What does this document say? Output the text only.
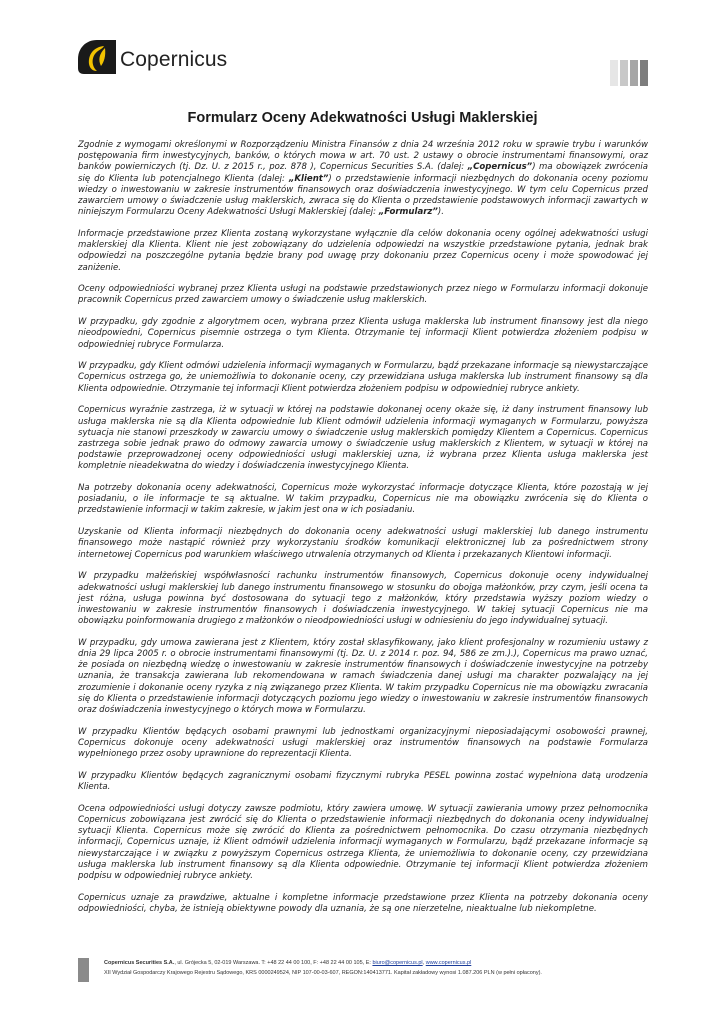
Copernicus
Formularz Oceny Adekwatności Usługi Maklerskiej

Zgodnie z wymogami określonymi w Rozporządzeniu Ministra Finansów z dnia 24 września 2012 roku w sprawie trybu i warunków postępowania firm inwestycyjnych, banków, o których mowa w art. 70 ust. 2 ustawy o obrocie instrumentami finansowymi, oraz banków powierniczych (tj. Dz. U. z 2015 r., poz. 878 ), Copernicus Securities S.A. (dalej: „Copernicus”) ma obowiązek zwrócenia się do Klienta lub potencjalnego Klienta (dalej: „Klient”) o przedstawienie informacji niezbędnych do dokonania oceny poziomu wiedzy o inwestowaniu w zakresie instrumentów finansowych oraz doświadczenia inwestycyjnego. W tym celu Copernicus przed zawarciem umowy o świadczenie usług maklerskich, zwraca się do Klienta o przedstawienie podstawowych informacji zawartych w niniejszym Formularzu Oceny Adekwatności Usługi Maklerskiej (dalej: „Formularz”).

Informacje przedstawione przez Klienta zostaną wykorzystane wyłącznie dla celów dokonania oceny ogólnej adekwatności usługi maklerskiej dla Klienta. Klient nie jest zobowiązany do udzielenia odpowiedzi na wszystkie przedstawione pytania, jednak brak odpowiedzi na poszczególne pytania będzie brany pod uwagę przy dokonaniu przez Copernicus oceny i może spowodować jej zaniżenie.

Oceny odpowiedniości wybranej przez Klienta usługi na podstawie przedstawionych przez niego w Formularzu informacji dokonuje pracownik Copernicus przed zawarciem umowy o świadczenie usług maklerskich.

W przypadku, gdy zgodnie z algorytmem ocen, wybrana przez Klienta usługa maklerska lub instrument finansowy jest dla niego nieodpowiedni, Copernicus pisemnie ostrzega o tym Klienta. Otrzymanie tej informacji Klient potwierdza złożeniem podpisu w odpowiedniej rubryce Formularza.

W przypadku, gdy Klient odmówi udzielenia informacji wymaganych w Formularzu, bądź przekazane informacje są niewystarczające Copernicus ostrzega go, że uniemożliwia to dokonanie oceny, czy przewidziana usługa maklerska lub instrument finansowy są dla Klienta odpowiednie. Otrzymanie tej informacji Klient potwierdza złożeniem podpisu w odpowiedniej rubryce ankiety.

Copernicus wyraźnie zastrzega, iż w sytuacji w której na podstawie dokonanej oceny okaże się, iż dany instrument finansowy lub usługa maklerska nie są dla Klienta odpowiednie lub Klient odmówił udzielenia informacji wymaganych w Formularzu, powyższa sytuacja nie stanowi przeszkody w zawarciu umowy o świadczenie usług maklerskich pomiędzy Klientem a Copernicus. Copernicus zastrzega sobie jednak prawo do odmowy zawarcia umowy o świadczenie usług maklerskich z Klientem, w sytuacji w której na podstawie przeprowadzonej oceny odpowiedniości usługi maklerskiej uzna, iż wybrana przez Klienta usługa maklerska jest kompletnie nieadekwatna do wiedzy i doświadczenia inwestycyjnego Klienta.

Na potrzeby dokonania oceny adekwatności, Copernicus może wykorzystać informacje dotyczące Klienta, które pozostają w jej posiadaniu, o ile informacje te są aktualne. W takim przypadku, Copernicus nie ma obowiązku zwrócenia się do Klienta o przedstawienie informacji w takim zakresie, w jakim jest ona w ich posiadaniu.

Uzyskanie od Klienta informacji niezbędnych do dokonania oceny adekwatności usługi maklerskiej lub danego instrumentu finansowego może nastąpić również przy wykorzystaniu środków komunikacji elektronicznej lub za pośrednictwem strony internetowej Copernicus pod warunkiem właściwego utrwalenia otrzymanych od Klienta i przekazanych Klientowi informacji.

W przypadku małżeńskiej współwłasności rachunku instrumentów finansowych, Copernicus dokonuje oceny indywidualnej adekwatności usługi maklerskiej lub danego instrumentu finansowego w stosunku do obojga małżonków, przy czym, jeśli ocena ta jest różna, usługa powinna być dostosowana do sytuacji tego z małżonków, który przedstawia wyższy poziom wiedzy o inwestowaniu w zakresie instrumentów finansowych i doświadczenia inwestycyjnego. W takiej sytuacji Copernicus nie ma obowiązku poinformowania drugiego z małżonków o nieodpowiedniości usługi w odniesieniu do jego indywidualnej sytuacji.

W przypadku, gdy umowa zawierana jest z Klientem, który został sklasyfikowany, jako klient profesjonalny w rozumieniu ustawy z dnia 29 lipca 2005 r. o obrocie instrumentami finansowymi (tj. Dz. U. z 2014 r. poz. 94, 586 ze zm.).), Copernicus ma prawo uznać, że posiada on niezbędną wiedzę o inwestowaniu w zakresie instrumentów finansowych i doświadczenie inwestycyjne na potrzeby uznania, że transakcja zawierana lub rekomendowana w ramach świadczenia danej usługi ma charakter pozwalający na jej zrozumienie i dokonanie oceny ryzyka z nią związanego przez Klienta. W takim przypadku Copernicus nie ma obowiązku zwracania się do Klienta o przedstawienie informacji dotyczących poziomu jego wiedzy o inwestowaniu w zakresie instrumentów finansowych oraz doświadczenia inwestycyjnego o których mowa w Formularzu.

W przypadku Klientów będących osobami prawnymi lub jednostkami organizacyjnymi nieposiadającymi osobowości prawnej, Copernicus dokonuje oceny adekwatności usługi maklerskiej oraz instrumentów finansowych na podstawie Formularza wypełnionego przez osoby uprawnione do reprezentacji Klienta.

W przypadku Klientów będących zagranicznymi osobami fizycznymi rubryka PESEL powinna zostać wypełniona datą urodzenia Klienta.

Ocena odpowiedniości usługi dotyczy zawsze podmiotu, który zawiera umowę. W sytuacji zawierania umowy przez pełnomocnika Copernicus zobowiązana jest zwrócić się do Klienta o przedstawienie informacji niezbędnych do dokonania oceny indywidualnej sytuacji Klienta. Copernicus może się zwrócić do Klienta za pośrednictwem pełnomocnika. Do czasu otrzymania niezbędnych informacji, Copernicus uznaje, iż Klient odmówił udzielenia informacji wymaganych w Formularzu, bądź przekazane informacje są niewystarczające i w związku z powyższym Copernicus ostrzega Klienta, że uniemożliwia to dokonanie oceny, czy przewidziana usługa maklerska lub instrument finansowy są dla Klienta odpowiednie. Otrzymanie tej informacji Klient potwierdza złożeniem podpisu w odpowiedniej rubryce ankiety.

Copernicus uznaje za prawdziwe, aktualne i kompletne informacje przedstawione przez Klienta na potrzeby dokonania oceny odpowiedniości, chyba, że istnieją obiektywne powody dla uznania, że są one nierzetelne, nieaktualne lub niekompletne.

Copernicus Securities S.A., ul. Grójecka 5, 02-019 Warszawa. T: +48 22 44 00 100, F: +48 22 44 00 105, E: biuro@copernicus.pl, www.copernicus.pl
XII Wydział Gospodarczy Krajowego Rejestru Sądowego, KRS 0000249524, NIP 107-00-03-607, REGON:140413771. Kapitał zakładowy wynosi 1.087.206 PLN (w pełni opłacony).
